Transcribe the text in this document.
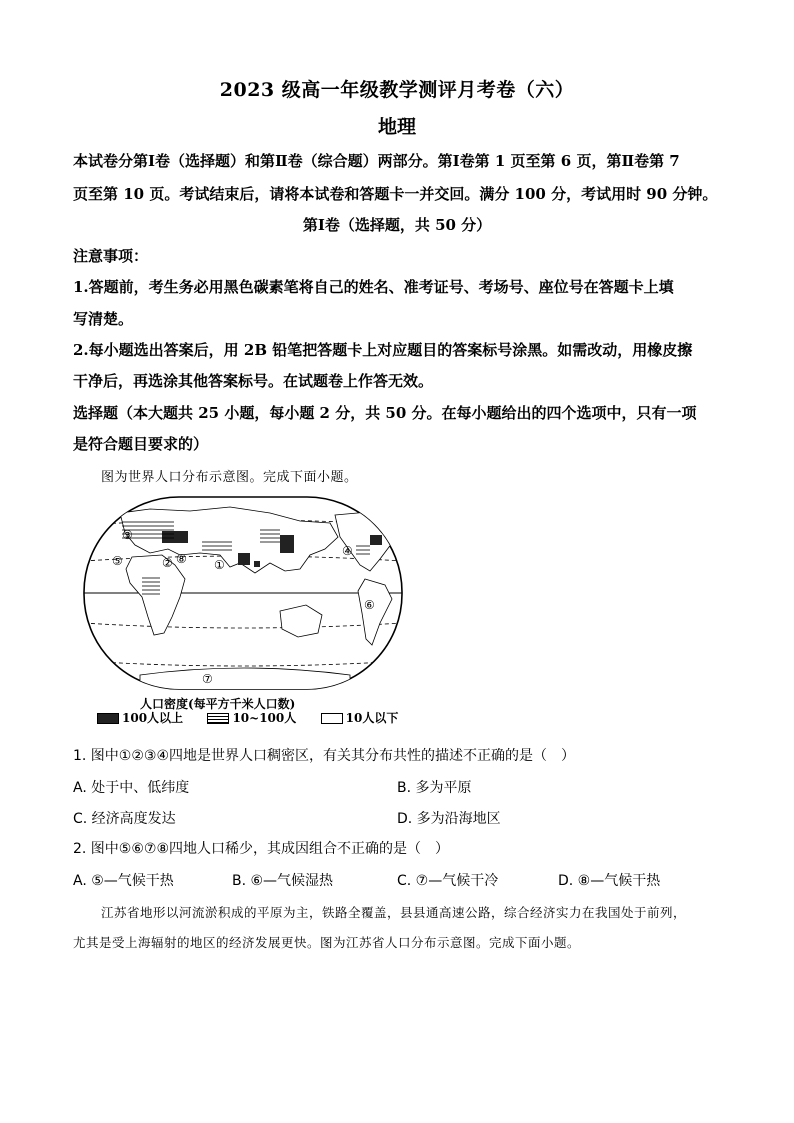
2023 级高一年级教学测评月考卷（六）
地理
本试卷分第Ⅰ卷（选择题）和第Ⅱ卷（综合题）两部分。第Ⅰ卷第 1 页至第 6 页，第Ⅱ卷第 7
页至第 10 页。考试结束后，请将本试卷和答题卡一并交回。满分 100 分，考试用时 90 分钟。
第Ⅰ卷（选择题，共 50 分）
注意事项：
1.答题前，考生务必用黑色碳素笔将自己的姓名、准考证号、考场号、座位号在答题卡上填
写清楚。
2.每小题选出答案后，用 2B 铅笔把答题卡上对应题目的答案标号涂黑。如需改动，用橡皮擦
干净后，再选涂其他答案标号。在试题卷上作答无效。
选择题（本大题共 25 小题，每小题 2 分，共 50 分。在每小题给出的四个选项中，只有一项
是符合题目要求的）
图为世界人口分布示意图。完成下面小题。
①
②
③
④
⑤
⑥
⑦
⑧
人口密度(每平方千米人口数)
100人以上	10~100人	10人以下
1. 图中①②③④四地是世界人口稠密区，有关其分布共性的描述不正确的是（　）
A. 处于中、低纬度	B. 多为平原
C. 经济高度发达	D. 多为沿海地区
2. 图中⑤⑥⑦⑧四地人口稀少，其成因组合不正确的是（　）
A. ⑤—气候干热	B. ⑥—气候湿热	C. ⑦—气候干冷	D. ⑧—气候干热
江苏省地形以河流淤积成的平原为主，铁路全覆盖，县县通高速公路，综合经济实力在我国处于前列，
尤其是受上海辐射的地区的经济发展更快。图为江苏省人口分布示意图。完成下面小题。
